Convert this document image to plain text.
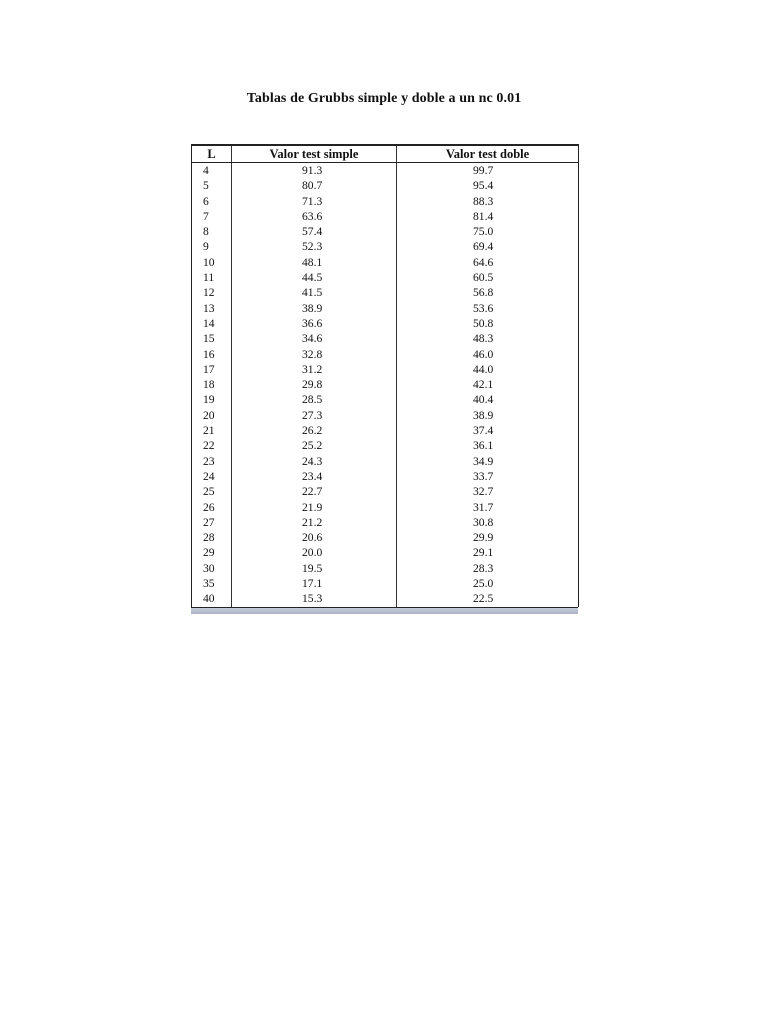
Tablas de Grubbs simple y doble a un nc 0.01
L	Valor test simple	Valor test doble
4	91.3	99.7
5	80.7	95.4
6	71.3	88.3
7	63.6	81.4
8	57.4	75.0
9	52.3	69.4
10	48.1	64.6
11	44.5	60.5
12	41.5	56.8
13	38.9	53.6
14	36.6	50.8
15	34.6	48.3
16	32.8	46.0
17	31.2	44.0
18	29.8	42.1
19	28.5	40.4
20	27.3	38.9
21	26.2	37.4
22	25.2	36.1
23	24.3	34.9
24	23.4	33.7
25	22.7	32.7
26	21.9	31.7
27	21.2	30.8
28	20.6	29.9
29	20.0	29.1
30	19.5	28.3
35	17.1	25.0
40	15.3	22.5
